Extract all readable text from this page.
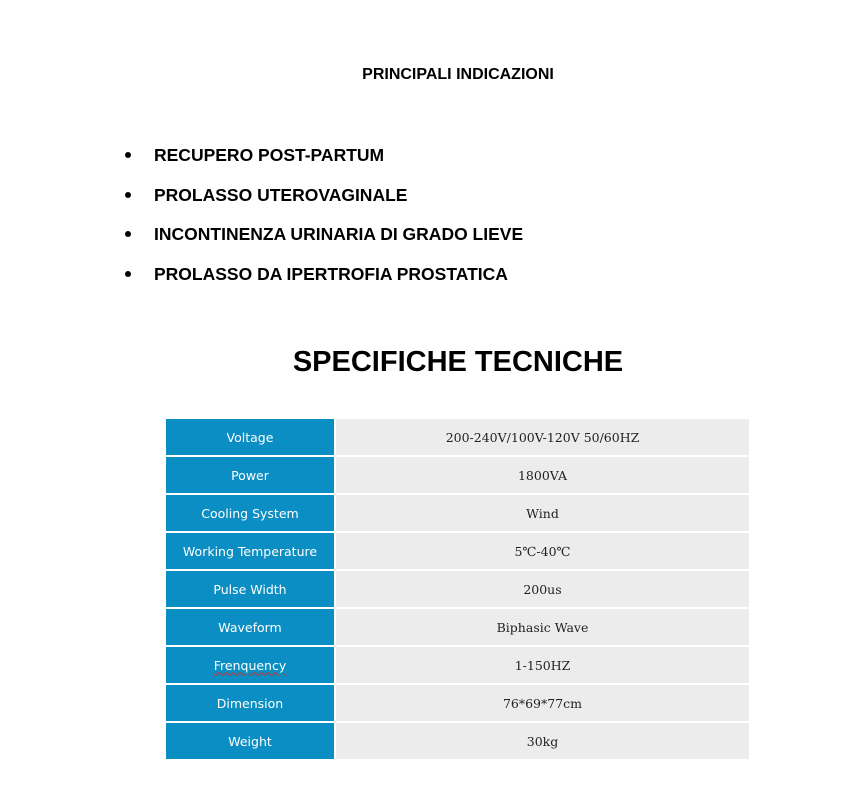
PRINCIPALI INDICAZIONI
RECUPERO POST-PARTUM
PROLASSO UTEROVAGINALE
INCONTINENZA URINARIA DI GRADO LIEVE
PROLASSO DA IPERTROFIA PROSTATICA
SPECIFICHE TECNICHE
Voltage	200-240V/100V-120V 50/60HZ
Power	1800VA
Cooling System	Wind
Working Temperature	5℃-40℃
Pulse Width	200us
Waveform	Biphasic Wave
Frenquency	1-150HZ
Dimension	76*69*77cm
Weight	30kg
